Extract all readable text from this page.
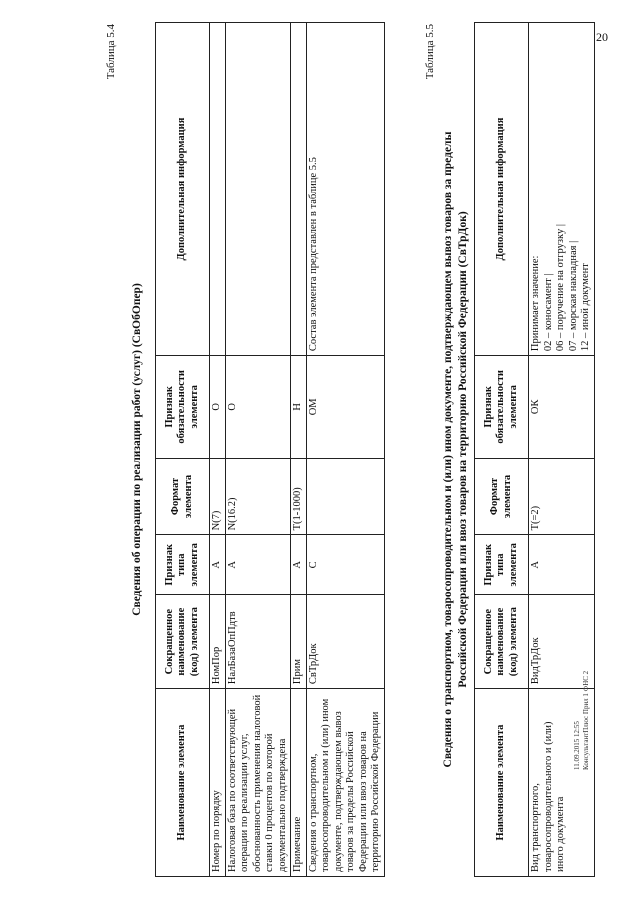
20
Таблица 5.4
Сведения об операции по реализации работ (услуг) (СвОбОпер)
Наименование элемента	Сокращенное наименование (код) элемента	Признак типа элемента	Формат элемента	Признак обязательности элемента	Дополнительная информация
Номер по порядку	НомПор	А	N(7)	О	
Налоговая база по соответствующей операции по реализации услуг, обоснованность применения налоговой ставки 0 процентов по которой документально подтверждена	НалБазаОпПдтв	А	N(16.2)	О	
Примечание	Прим	А	T(1-1000)	Н	
Сведения о транспортном, товаросопроводительном и (или) ином документе, подтверждающем вывоз товаров за пределы Российской Федерации или ввоз товаров на территорию Российской Федерации	СвТрДок	С		ОМ	Состав элемента представлен в таблице 5.5
Таблица 5.5
Сведения о транспортном, товаросопроводительном и (или) ином документе, подтверждающем вывоз товаров за пределы Российской Федерации или ввоз товаров на территорию Российской Федерации (СвТрДок)
Наименование элемента	Сокращенное наименование (код) элемента	Признак типа элемента	Формат элемента	Признак обязательности элемента	Дополнительная информация
Вид транспортного, товаросопроводительного и (или) иного документа	ВидТрДок	А	T(=2)	ОК	Принимает значение: 02 – коносамент | 06 – поручение на отгрузку | 07 – морская накладная | 12 – иной документ
11.09.2015 12:55 КонсультантПлюс Прил 1 ФНС 2
